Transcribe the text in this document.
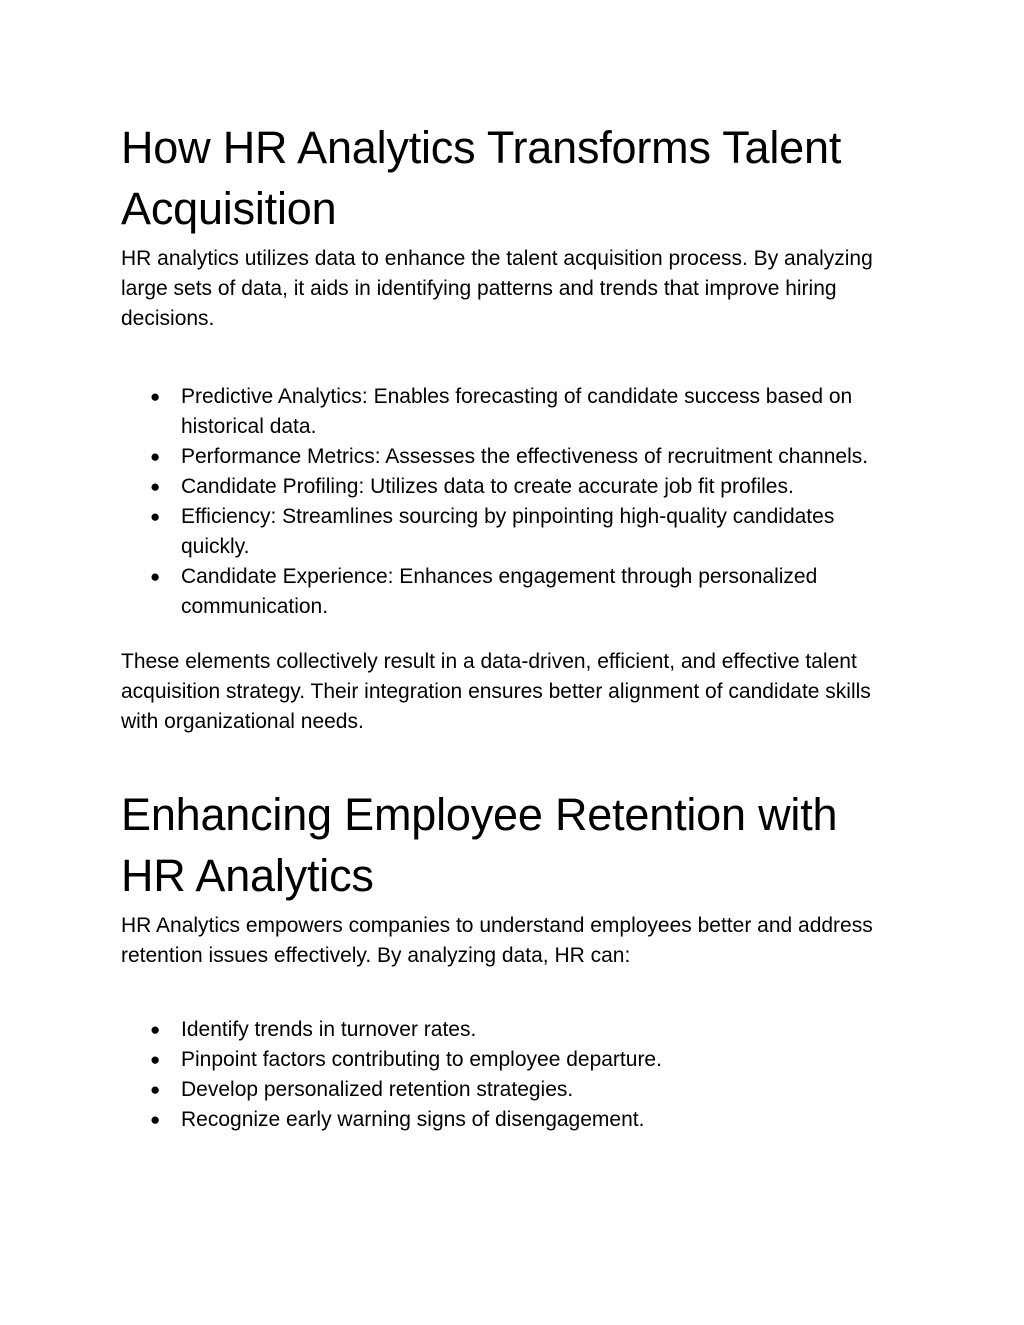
How HR Analytics Transforms Talent Acquisition

HR analytics utilizes data to enhance the talent acquisition process. By analyzing large sets of data, it aids in identifying patterns and trends that improve hiring decisions.

● Predictive Analytics: Enables forecasting of candidate success based on historical data.
● Performance Metrics: Assesses the effectiveness of recruitment channels.
● Candidate Profiling: Utilizes data to create accurate job fit profiles.
● Efficiency: Streamlines sourcing by pinpointing high-quality candidates quickly.
● Candidate Experience: Enhances engagement through personalized communication.

These elements collectively result in a data-driven, efficient, and effective talent acquisition strategy. Their integration ensures better alignment of candidate skills with organizational needs.

Enhancing Employee Retention with HR Analytics

HR Analytics empowers companies to understand employees better and address retention issues effectively. By analyzing data, HR can:

● Identify trends in turnover rates.
● Pinpoint factors contributing to employee departure.
● Develop personalized retention strategies.
● Recognize early warning signs of disengagement.
